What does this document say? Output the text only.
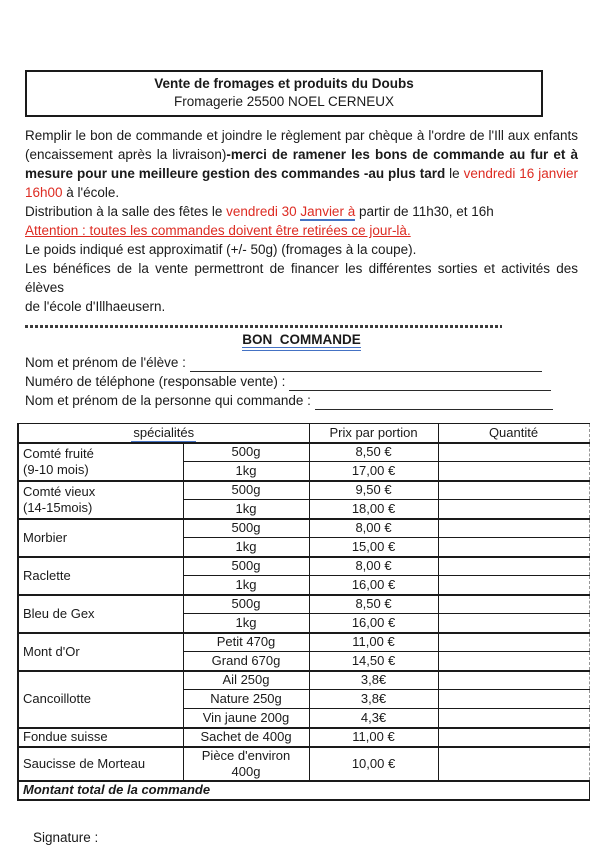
Vente de fromages et produits du Doubs
Fromagerie 25500 NOEL CERNEUX
Remplir le bon de commande et joindre le règlement par chèque à l'ordre de l'Ill aux enfants
(encaissement après la livraison)-merci de ramener les bons de commande au fur et à
mesure pour une meilleure gestion des commandes -au plus tard le vendredi 16 janvier
16h00 à l'école.
Distribution à la salle des fêtes le vendredi 30 Janvier à partir de 11h30, et 16h
Attention : toutes les commandes doivent être retirées ce jour-là.
Le poids indiqué est approximatif (+/- 50g) (fromages à la coupe).
Les bénéfices de la vente permettront de financer les différentes sorties et activités des élèves
de l'école d'Illhaeusern.
BON  COMMANDE
Nom et prénom de l'élève :
Numéro de téléphone (responsable vente) :
Nom et prénom de la personne qui commande :
spécialités		Prix par portion	Quantité

Comté fruité
(9-10 mois)	500g	8,50 €	
	1kg	17,00 €	

Comté vieux
(14-15mois)	500g	9,50 €	
	1kg	18,00 €	
Morbier	500g	8,00 €	
	1kg	15,00 €	
Raclette	500g	8,00 €	
	1kg	16,00 €	
Bleu de Gex	500g	8,50 €	
	1kg	16,00 €	
Mont d'Or	Petit 470g	11,00 €	
	Grand 670g	14,50 €	
Cancoillotte	Ail 250g	3,8€	
	Nature 250g	3,8€	
	Vin jaune 200g	4,3€	
Fondue suisse	Sachet de 400g	11,00 €	
Saucisse de Morteau	Pièce d'environ 400g	10,00 €	
Montant total de la commande			
Signature :
